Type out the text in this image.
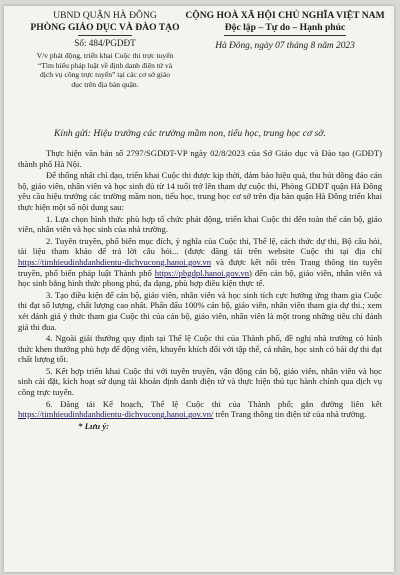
UBND QUẬN HÀ ĐÔNG
PHÒNG GIÁO DỤC VÀ ĐÀO TẠO
Số: 484/PGDĐT
V/v phát động, triển khai Cuộc thi trực tuyến “Tìm hiểu pháp luật về định danh điện tử và dịch vụ công trực tuyến” tại các cơ sở giáo dục trên địa bàn quận.
CỘNG HOÀ XÃ HỘI CHỦ NGHĨA VIỆT NAM
Độc lập – Tự do – Hạnh phúc
Hà Đông, ngày 07 tháng 8 năm 2023
Kính gửi: Hiệu trưởng các trường mầm non, tiểu học, trung học cơ sở.

Thực hiện văn bản số 2797/SGDĐT-VP ngày 02/8/2023 của Sở Giáo dục và Đào tạo (GDĐT) thành phố Hà Nội.

Để thống nhất chỉ đạo, triển khai Cuộc thi được kịp thời, đảm bảo hiệu quả, thu hút đông đảo cán bộ, giáo viên, nhân viên và học sinh đủ từ 14 tuổi trở lên tham dự cuộc thi, Phòng GDĐT quận Hà Đông yêu cầu hiệu trưởng các trường mầm non, tiểu học, trung học cơ sở trên địa bàn quận Hà Đông triển khai thực hiện một số nội dung sau:

1. Lựa chọn hình thức phù hợp tổ chức phát động, triển khai Cuộc thi đến toàn thể cán bộ, giáo viên, nhân viên và học sinh của nhà trường.

2. Tuyên truyền, phổ biến mục đích, ý nghĩa của Cuộc thi, Thể lệ, cách thức dự thi, Bộ câu hỏi, tài liệu tham khảo để trả lời câu hỏi... (được đăng tải trên website Cuộc thi tại địa chỉ https://timhieudinhdanhdientu-dichvucong.hanoi.gov.vn và được kết nối trên Trang thông tin tuyên truyền, phổ biến pháp luật Thành phố https://pbgdpl.hanoi.gov.vn) đến cán bộ, giáo viên, nhân viên và học sinh bằng hình thức phong phú, đa dạng, phù hợp điều kiện thực tế.

3. Tạo điều kiện để cán bộ, giáo viên, nhân viên và học sinh tích cực hưởng ứng tham gia Cuộc thi đạt số lượng, chất lượng cao nhất. Phấn đấu 100% cán bộ, giáo viên, nhân viên tham gia dự thi.; xem xét đánh giá ý thức tham gia Cuộc thi của cán bộ, giáo viên, nhân viên là một trong những tiêu chí đánh giá thi đua.

4. Ngoài giải thưởng quy định tại Thể lệ Cuộc thi của Thành phố, đề nghị nhà trường có hình thức khen thưởng phù hợp để động viên, khuyến khích đối với tập thể, cá nhân, học sinh có bài dự thi đạt chất lượng tốt.

5. Kết hợp triển khai Cuộc thi với tuyên truyền, vận động cán bộ, giáo viên, nhân viên và học sinh cài đặt, kích hoạt sử dụng tài khoản định danh điện tử và thực hiện thủ tục hành chính qua dịch vụ công trực tuyến.

6. Đăng tải Kế hoạch, Thể lệ Cuộc thi của Thành phố; gắn đường liên kết https://timhieudinhdanhdientu-dichvucong.hanoi.gov.vn/ trên Trang thông tin điện tử của nhà trường.

* Lưu ý:
